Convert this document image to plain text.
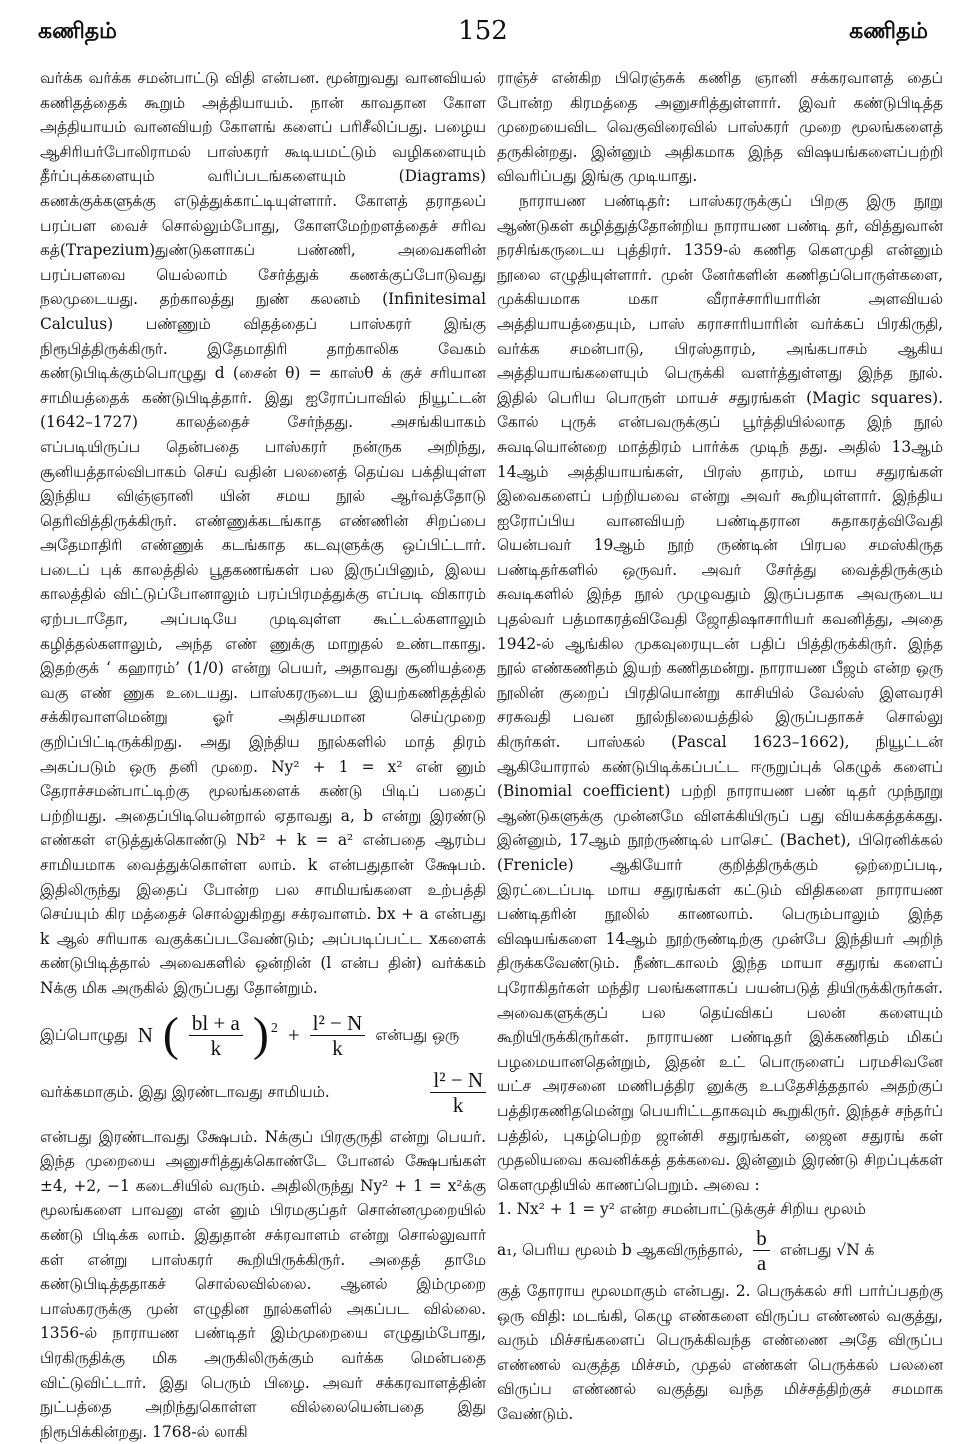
கணிதம்	152	கணிதம்

வர்க்க வர்க்க சமன்பாட்டு விதி என்பன. மூன்றுவது வானவியல் கணிதத்தைக் கூறும் அத்தியாயம். நான் காவதான கோள அத்தியாயம் வானவியற் கோளங் களைப் பரிசீலிப்பது. பழைய ஆசிரியர்போலிராமல் பாஸ்கரர் கூடியமட்டும் வழிகளையும் தீர்ப்புக்களையும் வரிப்படங்களையும் (Diagrams) கணக்குக்களுக்கு எடுத்துக்காட்டியுள்ளார். கோளத் தராதலப் பரப்பள வைச் சொல்லும்போது, கோளமேற்றளத்தைச் சரிவ கத்(Trapezium)துண்டுகளாகப் பண்ணி, அவைகளின் பரப்பளவை யெல்லாம் சேர்த்துக் கணக்குப்போடுவது நலமுடையது. தற்காலத்து நுண் கலனம் (Infinitesimal Calculus) பண்ணும் விதத்தைப் பாஸ்கரர் இங்கு நிரூபித்திருக்கிருர். இதேமாதிரி தாற்காலிக வேகம் கண்டுபிடிக்கும்பொழுது d (சைன் θ) = காஸ்θ க் குச் சரியான சாமியத்தைக் கண்டுபிடித்தார். இது ஐரோப்பாவில் நியூட்டன் (1642–1727) காலத்தைச் சேர்ந்தது. அசங்கியாகம் எப்படியிருப்ப தென்பதை பாஸ்கரர் நன்ருக அறிந்து, சூனியத்தால்விபாகம் செய் வதின் பலனைத் தெய்வ பக்தியுள்ள இந்திய விஞ்ஞானி யின் சமய நூல் ஆர்வத்தோடு தெரிவித்திருக்கிருர். எண்ணுக்கடங்காத எண்ணின் சிறப்பை அதேமாதிரி எண்ணுக் கடங்காத கடவுளுக்கு ஒப்பிட்டார். படைப் புக் காலத்தில் பூதகணங்கள் பல இருப்பினும், இலய காலத்தில் விட்டுப்போனாலும் பரப்பிரமத்துக்கு எப்படி விகாரம் ஏற்படாதோ, அப்படியே முடிவுள்ள கூட்டல்களாலும் கழித்தல்களாலும், அந்த எண் ணுக்கு மாறுதல் உண்டாகாது. இதற்குக் ‘ கஹாரம்’ (1/0) என்று பெயர், அதாவது சூனியத்தை வகு எண் ணுக உடையது. பாஸ்கரருடைய இயற்கணிதத்தில் சக்கிரவாளமென்று ஓர் அதிசயமான செய்முறை குறிப்பிட்டிருக்கிறது. அது இந்திய நூல்களில் மாத் திரம் அகப்படும் ஒரு தனி முறை. Ny² + 1 = x² என் னும் தேராச்சமன்பாட்டிற்கு மூலங்களைக் கண்டு பிடிப் பதைப் பற்றியது. அதைப்பிடியென்றால் ஏதாவது a, b என்று இரண்டு எண்கள் எடுத்துக்கொண்டு Nb² + k = a² என்பதை ஆரம்ப சாமியமாக வைத்துக்கொள்ள லாம். k என்பதுதான் க்ஷேபம். இதிலிருந்து இதைப் போன்ற பல சாமியங்களை உற்பத்தி செய்யும் கிர மத்தைச் சொல்லுகிறது சக்ரவாளம். bx + a என்பது k ஆல் சரியாக வகுக்கப்படவேண்டும்; அப்படிப்பட்ட xகளைக் கண்டுபிடித்தால் அவைகளில் ஒன்றின் (l என்ப தின்) வர்க்கம் Nக்கு மிக அருகில் இருப்பது தோன்றும்.

இப்பொழுது N ( $\frac{bl + a}{k}$ ) $2 + \frac{\text{l² − N}}{k}$ என்பது ஒரு
வர்க்கமாகும். இது இரண்டாவது சாமியம்.	$\frac{\text{l² − N}}{k}$

என்பது இரண்டாவது க்ஷேபம். Nக்குப் பிரகுருதி என்று பெயர். இந்த முறையை அனுசரித்துக்கொண்டே போனல் க்ஷேபங்கள் ±4, +2, −1 கடைசியில் வரும். அதிலிருந்து Ny² + 1 = x²க்கு மூலங்களை பாவனு என் னும் பிரமகுப்தர் சொன்னமுறையில் கண்டு பிடிக்க லாம். இதுதான் சக்ரவாளம் என்று சொல்லுவார் கள் என்று பாஸ்கரர் கூறியிருக்கிருர். அதைத் தாமே கண்டுபிடித்ததாகச் சொல்லவில்லை. ஆனல் இம்முறை பாஸ்கரருக்கு முன் எழுதின நூல்களில் அகப்பட வில்லை. 1356-ல் நாராயண பண்டிதர் இம்முறையை எழுதும்போது, பிரகிருதிக்கு மிக அருகிலிருக்கும் வர்க்க மென்பதை விட்டுவிட்டார். இது பெரும் பிழை. அவர் சக்கரவாளத்தின் நுட்பத்தை அறிந்துகொள்ள வில்லையென்பதை இது நிரூபிக்கின்றது. 1768-ல் லாகி

ராஞ்ச் என்கிற பிரெஞ்சுக் கணித ஞானி சக்கரவாளத் தைப் போன்ற கிரமத்தை அனுசரித்துள்ளார். இவர் கண்டுபிடித்த முறையைவிட வெகுவிரைவில் பாஸ்கரர் முறை மூலங்களைத் தருகின்றது. இன்னும் அதிகமாக இந்த விஷயங்களைப்பற்றி விவரிப்பது இங்கு முடியாது.

நாராயண பண்டிதர்: பாஸ்கரருக்குப் பிறகு இரு நூறு ஆண்டுகள் கழித்துத்தோன்றிய நாராயண பண்டி தர், வித்துவான் நரசிங்கருடைய புத்திரர். 1359-ல் கணித கௌமுதி என்னும் நூலை எழுதியுள்ளார். முன் னேர்களின் கணிதப்பொருள்களை, முக்கியமாக மகா வீராச்சாரியாரின் அளவியல் அத்தியாயத்தையும், பாஸ் கராசாரியாரின் வர்க்கப் பிரகிருதி, வர்க்க சமன்பாடு, பிரஸ்தாரம், அங்கபாசம் ஆகிய அத்தியாயங்களையும் பெருக்கி வளர்த்துள்ளது இந்த நூல். இதில் பெரிய பொருள் மாயச் சதுரங்கள் (Magic squares). கோல் புருக் என்பவருக்குப் பூர்த்தியில்லாத இந் நூல் சுவடியொன்றை மாத்திரம் பார்க்க முடிந் தது. அதில் 13ஆம் 14ஆம் அத்தியாயங்கள், பிரஸ் தாரம், மாய சதுரங்கள் இவைகளைப் பற்றியவை என்று அவர் கூறியுள்ளார். இந்திய ஐரோப்பிய வானவியற் பண்டிதரான சுதாகரத்விவேதி யென்பவர் 19ஆம் நூற் ருண்டின் பிரபல சமஸ்கிருத பண்டிதர்களில் ஒருவர். அவர் சேர்த்து வைத்திருக்கும் சுவடிகளில் இந்த நூல் முழுவதும் இருப்பதாக அவருடைய புதல்வர் பத்மாகரத்விவேதி ஜோதிஷாசாரியர் கவனித்து, அதை 1942-ல் ஆங்கில முகவுரையுடன் பதிப் பித்திருக்கிருர். இந்த நூல் எண்கணிதம் இயற் கணிதமன்று. நாராயண பீஜம் என்ற ஒரு நூலின் குறைப் பிரதியொன்று காசியில் வேல்ஸ் இளவரசி சரசுவதி பவன நூல்நிலையத்தில் இருப்பதாகச் சொல்லு கிருர்கள். பாஸ்கல் (Pascal 1623–1662), நியூட்டன் ஆகியோரால் கண்டுபிடிக்கப்பட்ட ஈருறுப்புக் கெழுக் களைப் (Binomial coefficient) பற்றி நாராயண பண் டிதர் முந்நூறு ஆண்டுகளுக்கு முன்னமே விளக்கியிருப் பது வியக்கத்தக்கது. இன்னும், 17ஆம் நூற்ருண்டில் பாசெட் (Bachet), பிரெனிக்கல் (Frenicle) ஆகியோர் குறித்திருக்கும் ஒற்றைப்படி, இரட்டைப்படி மாய சதுரங்கள் கட்டும் விதிகளை நாராயண பண்டிதரின் நூலில் காணலாம். பெரும்பாலும் இந்த விஷயங்களை 14ஆம் நூற்ருண்டிற்கு முன்பே இந்தியர் அறிந் திருக்கவேண்டும். நீண்டகாலம் இந்த மாயா சதுரங் களைப் புரோகிதர்கள் மந்திர பலங்களாகப் பயன்படுத் தியிருக்கிருர்கள். அவைகளுக்குப் பல தெய்விகப் பலன் களையும் கூறியிருக்கிருர்கள். நாராயண பண்டிதர் இக்கணிதம் மிகப் பழமையானதென்றும், இதன் உட் பொருளைப் பரமசிவனே யட்ச அரசனை மணிபத்திர னுக்கு உபதேசித்ததால் அதற்குப் பத்திரகணிதமென்று பெயரிட்டதாகவும் கூறுகிருர். இந்தச் சந்தர்ப் பத்தில், புகழ்பெற்ற ஜான்சி சதுரங்கள், ஜைன சதுரங் கள் முதலியவை கவனிக்கத் தக்கவை. இன்னும் இரண்டு சிறப்புக்கள் கௌமுதியில் காணப்பெறும். அவை :

1. Nx² + 1 = y² என்ற சமன்பாட்டுக்குச் சிறிய மூலம்

a₁, பெரிய மூலம் b ஆகவிருந்தால், $\frac{b}{a}$ என்பது √N க்

குத் தோராய மூலமாகும் என்பது. 2. பெருக்கல் சரி பார்ப்பதற்கு ஒரு விதி: மடங்கி, கெழு எண்களை விருப்ப எண்ணல் வகுத்து, வரும் மிச்சங்களைப் பெருக்கிவந்த எண்ணை அதே விருப்ப எண்ணல் வகுத்த மிச்சம், முதல் எண்கள் பெருக்கல் பலனை விருப்ப எண்ணல் வகுத்து வந்த மிச்சத்திற்குச் சமமாக வேண்டும்.
